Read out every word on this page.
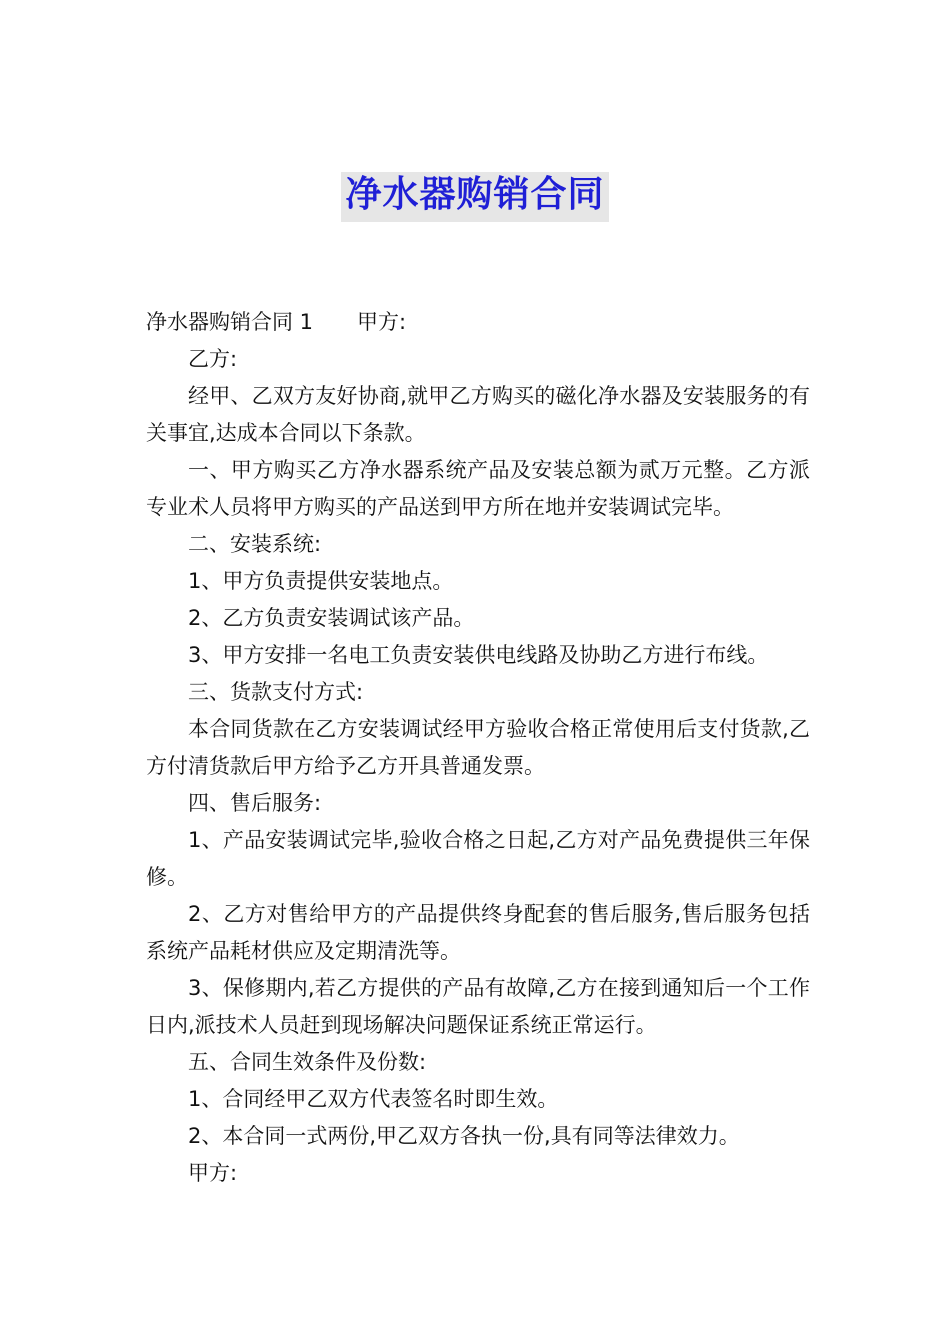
净水器购销合同

净水器购销合同 1 甲方:

乙方:

经甲、乙双方友好协商,就甲乙方购买的磁化净水器及安装服务的有关事宜,达成本合同以下条款。

一、甲方购买乙方净水器系统产品及安装总额为贰万元整。乙方派专业术人员将甲方购买的产品送到甲方所在地并安装调试完毕。

二、安装系统:

1、甲方负责提供安装地点。

2、乙方负责安装调试该产品。

3、甲方安排一名电工负责安装供电线路及协助乙方进行布线。

三、货款支付方式:

本合同货款在乙方安装调试经甲方验收合格正常使用后支付货款,乙方付清货款后甲方给予乙方开具普通发票。

四、售后服务:

1、产品安装调试完毕,验收合格之日起,乙方对产品免费提供三年保修。

2、乙方对售给甲方的产品提供终身配套的售后服务,售后服务包括系统产品耗材供应及定期清洗等。

3、保修期内,若乙方提供的产品有故障,乙方在接到通知后一个工作日内,派技术人员赶到现场解决问题保证系统正常运行。

五、合同生效条件及份数:

1、合同经甲乙双方代表签名时即生效。

2、本合同一式两份,甲乙双方各执一份,具有同等法律效力。

甲方:
